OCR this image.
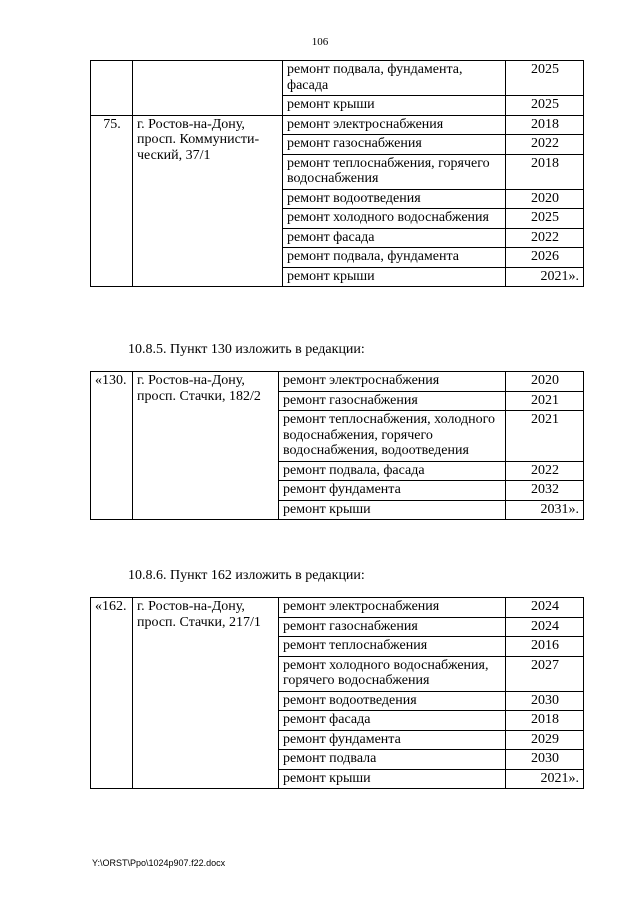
106
		ремонт подвала, фундамента, фасада	2025
		ремонт крыши	2025
75.	г. Ростов-на-Дону, просп. Коммунисти-ческий, 37/1	ремонт электроснабжения	2018
		ремонт газоснабжения	2022
		ремонт теплоснабжения, горячего водоснабжения	2018
		ремонт водоотведения	2020
		ремонт холодного водоснабжения	2025
		ремонт фасада	2022
		ремонт подвала, фундамента	2026
		ремонт крыши	2021».
10.8.5. Пункт 130 изложить в редакции:
«130.	г. Ростов-на-Дону, просп. Стачки, 182/2	ремонт электроснабжения	2020
		ремонт газоснабжения	2021
		ремонт теплоснабжения, холодного водоснабжения, горячего водоснабжения, водоотведения	2021
		ремонт подвала, фасада	2022
		ремонт фундамента	2032
		ремонт крыши	2031».
10.8.6. Пункт 162 изложить в редакции:
«162.	г. Ростов-на-Дону, просп. Стачки, 217/1	ремонт электроснабжения	2024
		ремонт газоснабжения	2024
		ремонт теплоснабжения	2016
		ремонт холодного водоснабжения, горячего водоснабжения	2027
		ремонт водоотведения	2030
		ремонт фасада	2018
		ремонт фундамента	2029
		ремонт подвала	2030
		ремонт крыши	2021».
Y:\ORST\Ppo\1024p907.f22.docx
